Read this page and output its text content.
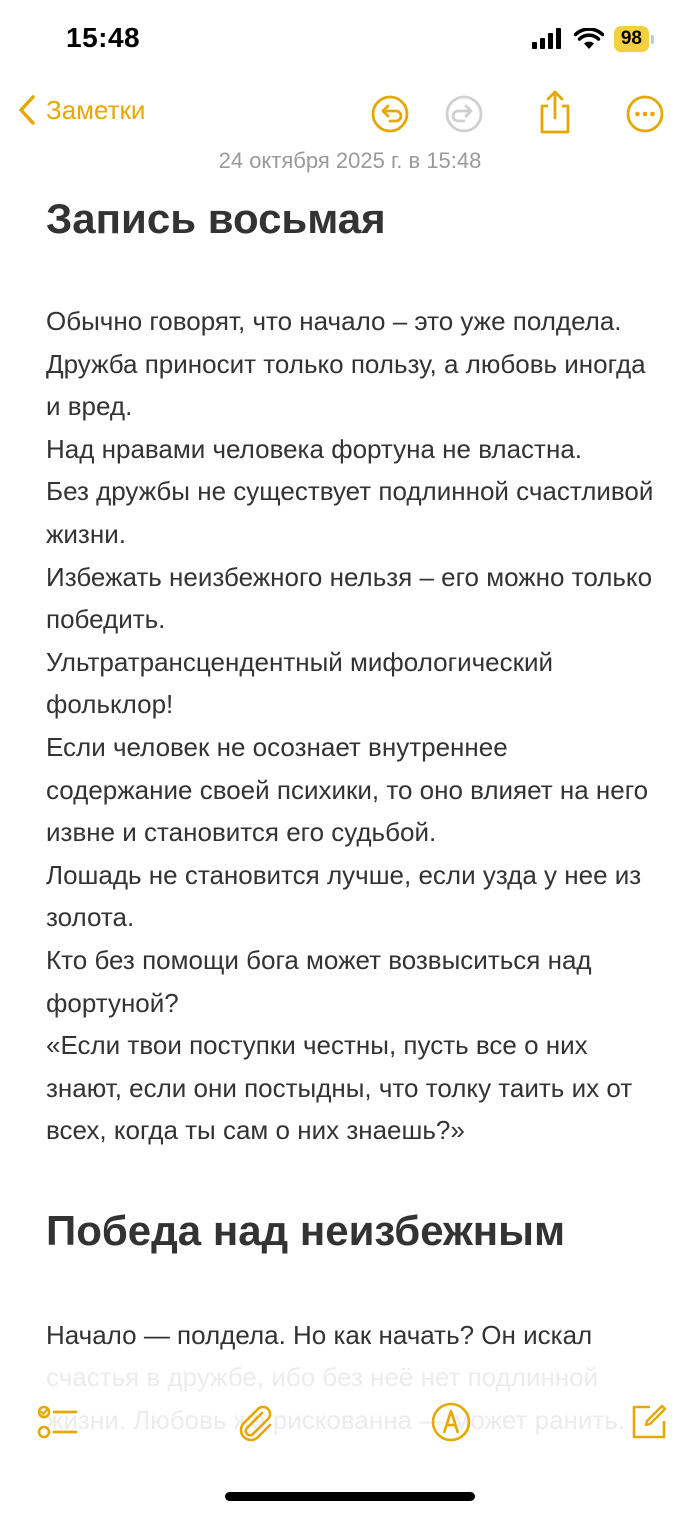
15:48	98
Заметки
24 октября 2025 г. в 15:48
Запись восьмая

Обычно говорят, что начало – это уже полдела.

Дружба приносит только пользу, а любовь иногда и вред.

Над нравами человека фортуна не властна.

Без дружбы не существует подлинной счастливой жизни.

Избежать неизбежного нельзя – его можно только победить.

Ультратрансцендентный мифологический фольклор!

Если человек не осознает внутреннее содержание своей психики, то оно влияет на него извне и становится его судьбой.

Лошадь не становится лучше, если узда у нее из золота.

Кто без помощи бога может возвыситься над фортуной?

«Если твои поступки честны, пусть все о них знают, если они постыдны, что толку таить их от всех, когда ты сам о них знаешь?»

Победа над неизбежным
Начало — полдела. Но как начать? Он искал счастья в дружбе, ибо без неё нет подлинной жизни. Любовь же рискованна — может ранить.
